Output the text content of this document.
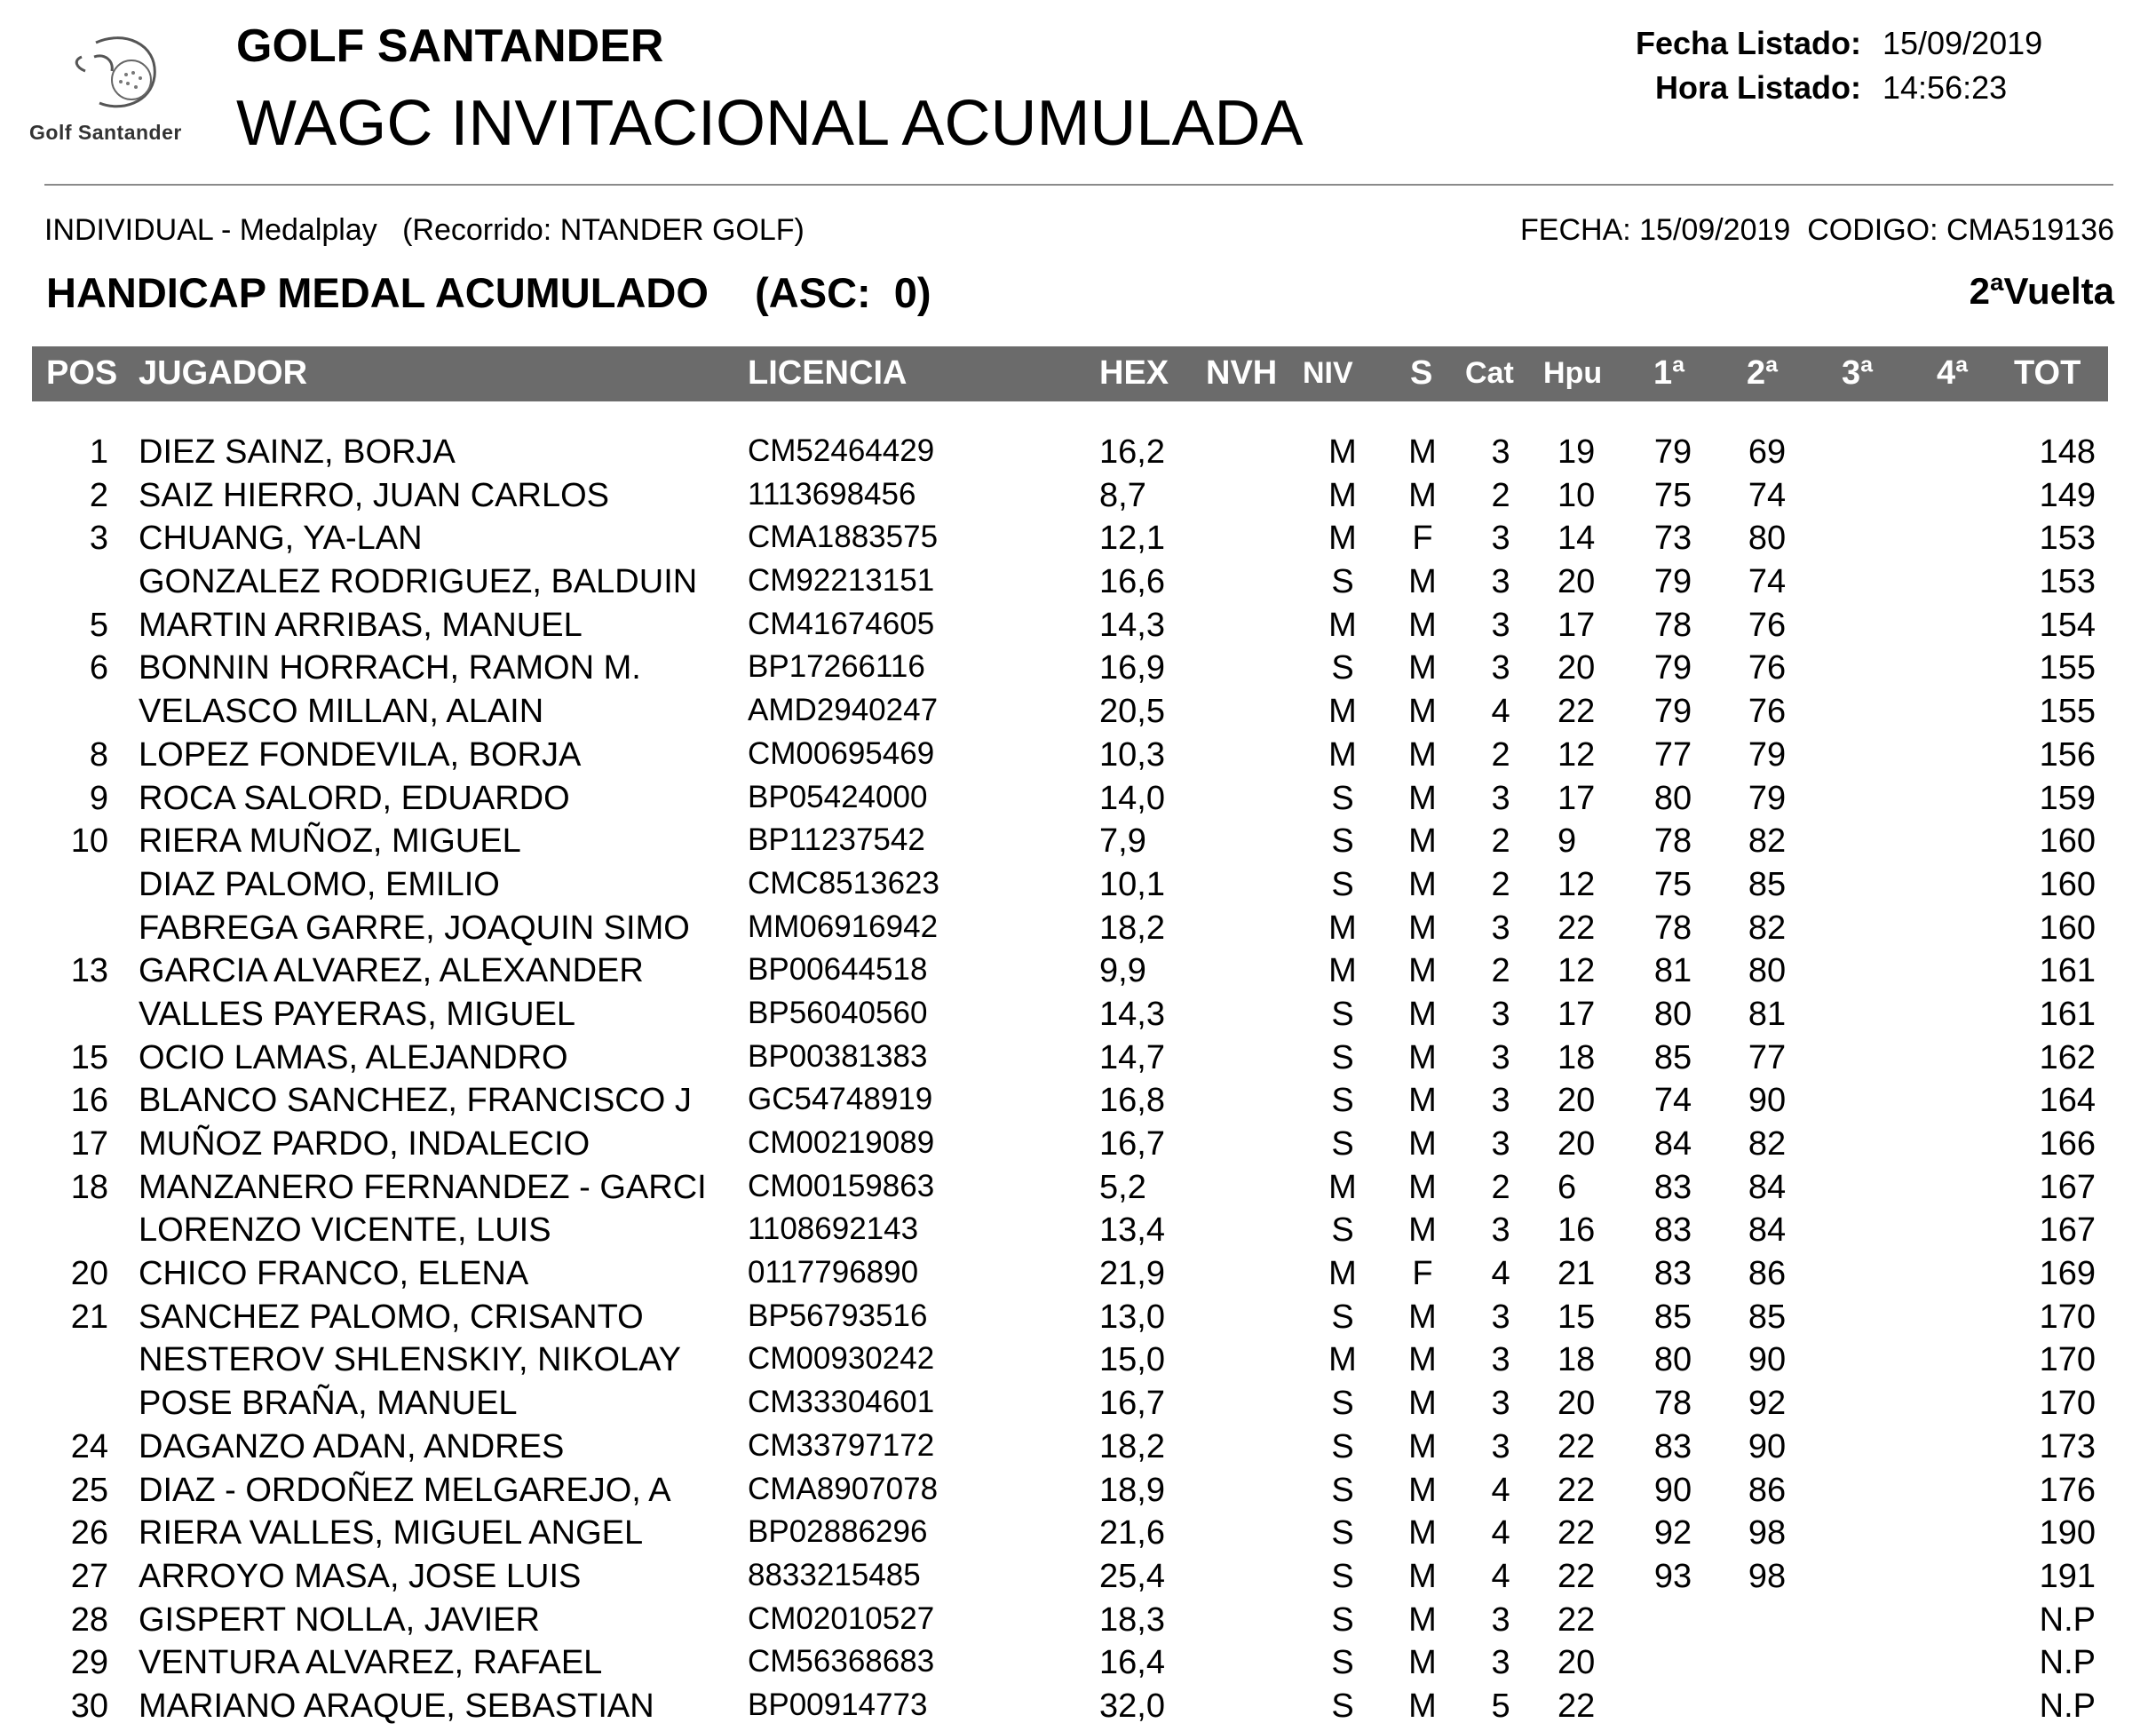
Golf Santander
GOLF SANTANDER
WAGC INVITACIONAL ACUMULADA
Fecha Listado: 15/09/2019
Hora Listado: 14:56:23
INDIVIDUAL - Medalplay   (Recorrido: NTANDER GOLF)	FECHA: 15/09/2019  CODIGO: CMA519136
HANDICAP MEDAL ACUMULADO    (ASC:  0)	2ªVuelta
POS JUGADOR	LICENCIA	HEX NVH NIV S Cat Hpu 1ª 2ª 3ª 4ª TOT
1 DIEZ SAINZ, BORJA	CM52464429	16,2	M M 3 19 79 69	148
2 SAIZ HIERRO, JUAN CARLOS	1113698456	8,7	M M 2 10 75 74	149
3 CHUANG, YA-LAN	CMA1883575	12,1	M F 3 14 73 80	153
GONZALEZ RODRIGUEZ, BALDUIN CM92213151	16,6	S M 3 20 79 74	153
5 MARTIN ARRIBAS, MANUEL	CM41674605	14,3	M M 3 17 78 76	154
6 BONNIN HORRACH, RAMON M.	BP17266116	16,9	S M 3 20 79 76	155
VELASCO MILLAN, ALAIN	AMD2940247	20,5	M M 4 22 79 76	155
8 LOPEZ FONDEVILA, BORJA	CM00695469	10,3	M M 2 12 77 79	156
9 ROCA SALORD, EDUARDO	BP05424000	14,0	S M 3 17 80 79	159
10 RIERA MUÑOZ, MIGUEL	BP11237542	7,9	S M 2 9 78 82	160
DIAZ PALOMO, EMILIO	CMC8513623	10,1	S M 2 12 75 85	160
FABREGA GARRE, JOAQUIN SIMO MM06916942	18,2	M M 3 22 78 82	160
13 GARCIA ALVAREZ, ALEXANDER	BP00644518	9,9	M M 2 12 81 80	161
VALLES PAYERAS, MIGUEL	BP56040560	14,3	S M 3 17 80 81	161
15 OCIO LAMAS, ALEJANDRO	BP00381383	14,7	S M 3 18 85 77	162
16 BLANCO SANCHEZ, FRANCISCO J GC54748919	16,8	S M 3 20 74 90	164
17 MUÑOZ PARDO, INDALECIO	CM00219089	16,7	S M 3 20 84 82	166
18 MANZANERO FERNANDEZ - GARCI CM00159863	5,2	M M 2 6 83 84	167
LORENZO VICENTE, LUIS	1108692143	13,4	S M 3 16 83 84	167
20 CHICO FRANCO, ELENA	0117796890	21,9	M F 4 21 83 86	169
21 SANCHEZ PALOMO, CRISANTO	BP56793516	13,0	S M 3 15 85 85	170
NESTEROV SHLENSKIY, NIKOLAY CM00930242	15,0	M M 3 18 80 90	170
POSE BRAÑA, MANUEL	CM33304601	16,7	S M 3 20 78 92	170
24 DAGANZO ADAN, ANDRES	CM33797172	18,2	S M 3 22 83 90	173
25 DIAZ - ORDOÑEZ MELGAREJO, A CMA8907078	18,9	S M 4 22 90 86	176
26 RIERA VALLES, MIGUEL ANGEL	BP02886296	21,6	S M 4 22 92 98	190
27 ARROYO MASA, JOSE LUIS	8833215485	25,4	S M 4 22 93 98	191
28 GISPERT NOLLA, JAVIER	CM02010527	18,3	S M 3 22	N.P
29 VENTURA ALVAREZ, RAFAEL	CM56368683	16,4	S M 3 20	N.P
30 MARIANO ARAQUE, SEBASTIAN	BP00914773	32,0	S M 5 22	N.P
